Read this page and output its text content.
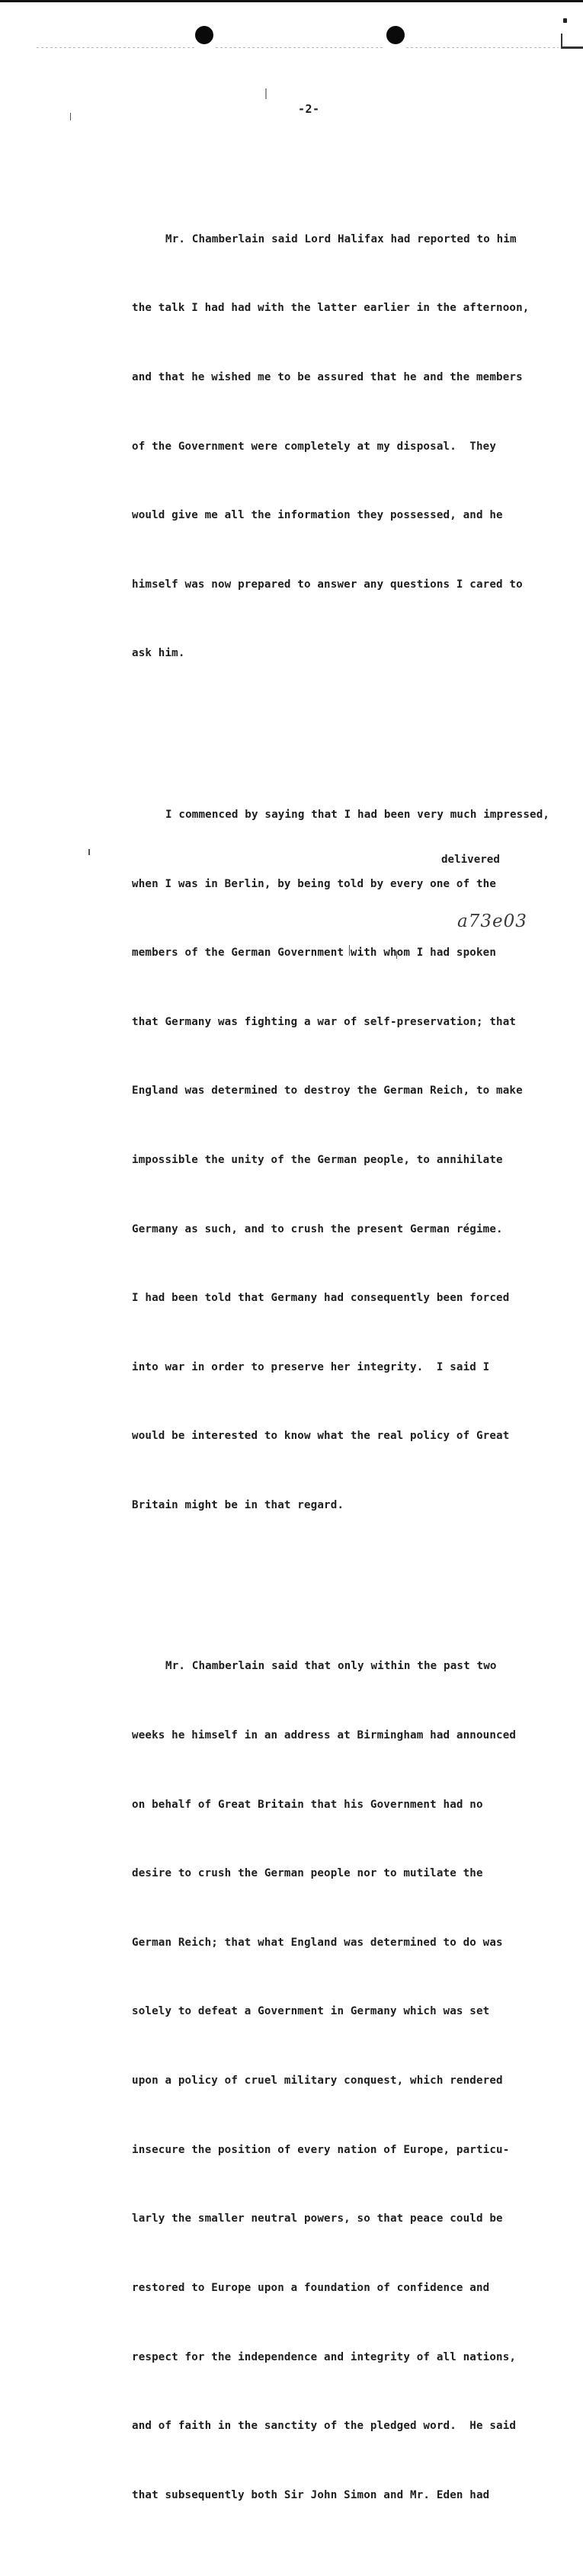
-2-

Mr. Chamberlain said Lord Halifax had reported to him

the talk I had had with the latter earlier in the afternoon,

and that he wished me to be assured that he and the members

of the Government were completely at my disposal.  They

would give me all the information they possessed, and he

himself was now prepared to answer any questions I cared to

ask him.

I commenced by saying that I had been very much impressed,

when I was in Berlin, by being told by every one of the

members of the German Government with whom I had spoken

that Germany was fighting a war of self-preservation; that

England was determined to destroy the German Reich, to make

impossible the unity of the German people, to annihilate

Germany as such, and to crush the present German régime.

I had been told that Germany had consequently been forced

into war in order to preserve her integrity.  I said I

would be interested to know what the real policy of Great

Britain might be in that regard.

Mr. Chamberlain said that only within the past two

weeks he himself in an address at Birmingham had announced

on behalf of Great Britain that his Government had no

desire to crush the German people nor to mutilate the

German Reich; that what England was determined to do was

solely to defeat a Government in Germany which was set

upon a policy of cruel military conquest, which rendered

insecure the position of every nation of Europe, particu-

larly the smaller neutral powers, so that peace could be

restored to Europe upon a foundation of confidence and

respect for the independence and integrity of all nations,

and of faith in the sanctity of the pledged word.  He said

that subsequently both Sir John Simon and Mr. Eden had

delivered
a73e03
